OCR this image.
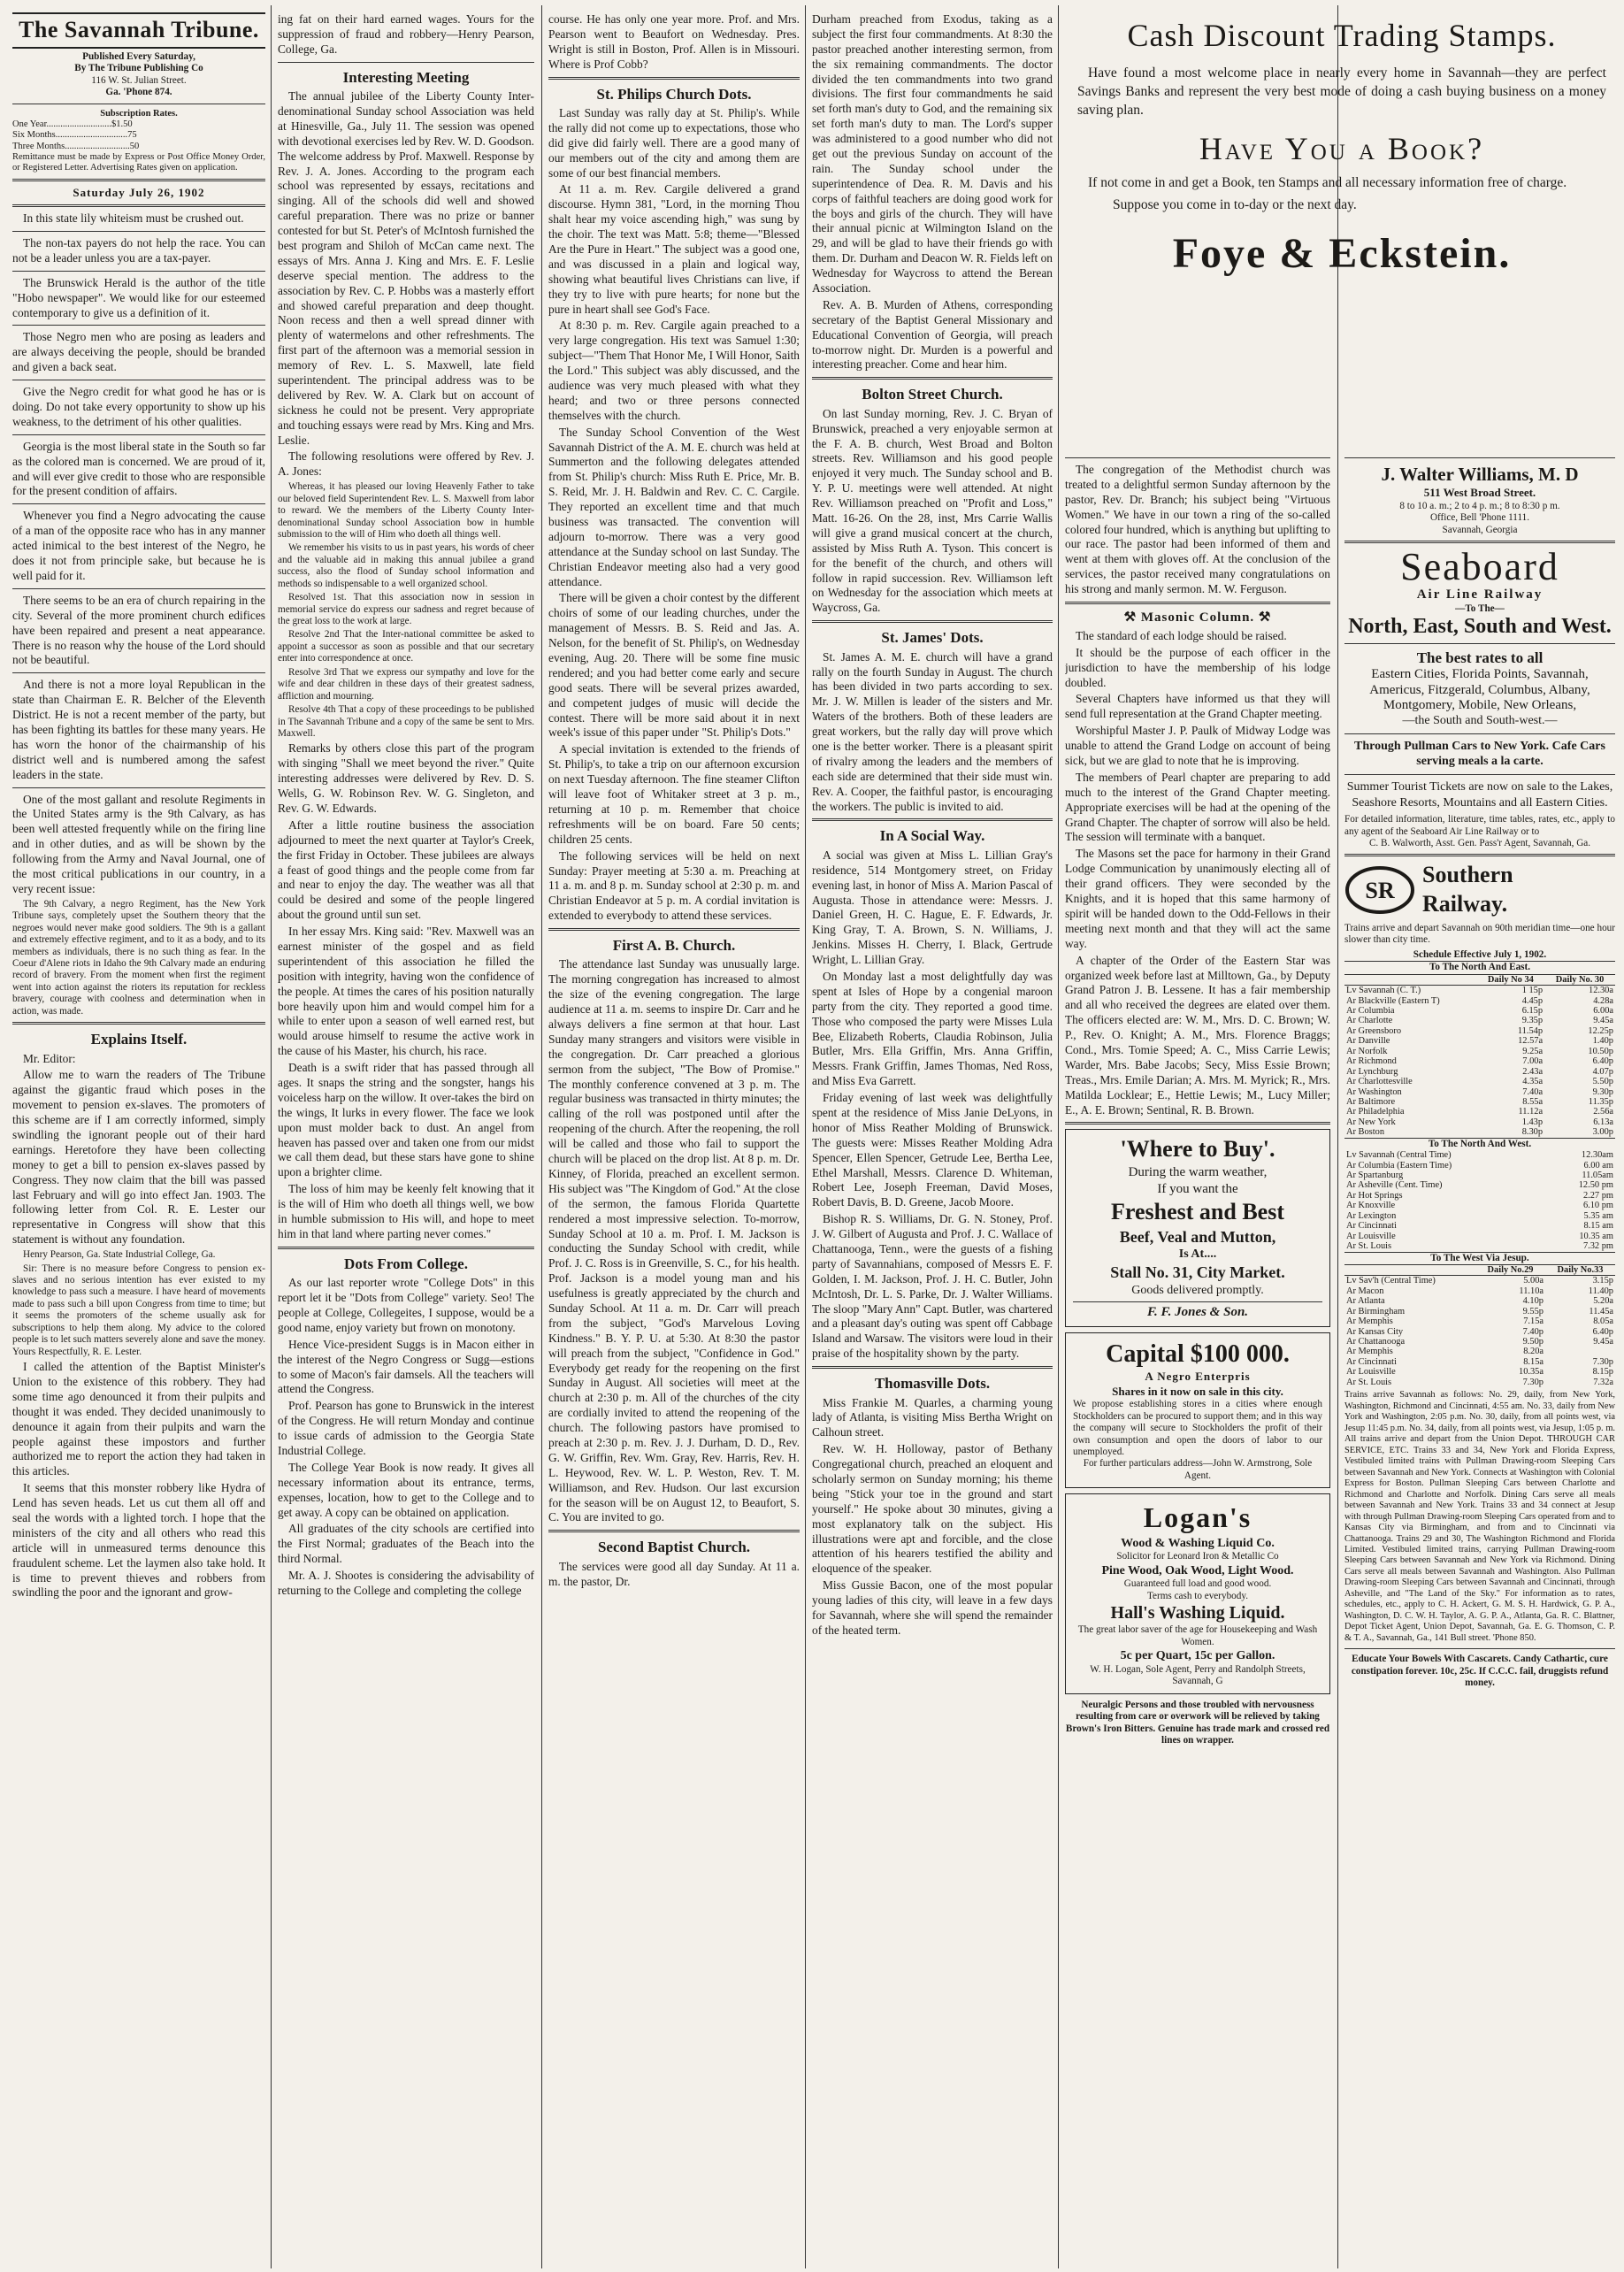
The Savannah Tribune.
Published Every Saturday,
By The Tribune Publishing Co
116 W. St. Julian Street.
Ga. 'Phone 874.
Subscription Rates.
One Year............................$1.50
Six Months...............................75
Three Months............................50
Remittance must be made by Express or Post Office Money Order, or Registered Letter. Advertising Rates given on application.
Saturday July 26, 1902

In this state lily whiteism must be crushed out.

The non-tax payers do not help the race. You can not be a leader unless you are a tax-payer.

The Brunswick Herald is the author of the title "Hobo newspaper". We would like for our esteemed contemporary to give us a definition of it.

Those Negro men who are posing as leaders and are always deceiving the people, should be branded and given a back seat.

Give the Negro credit for what good he has or is doing. Do not take every opportunity to show up his weakness, to the detriment of his other qualities.

Georgia is the most liberal state in the South so far as the colored man is concerned. We are proud of it, and will ever give credit to those who are responsible for the present condition of affairs.

Whenever you find a Negro advocating the cause of a man of the opposite race who has in any manner acted inimical to the best interest of the Negro, he does it not from principle sake, but because he is well paid for it.

There seems to be an era of church repairing in the city. Several of the more prominent church edifices have been repaired and present a neat appearance. There is no reason why the house of the Lord should not be beautiful.

And there is not a more loyal Republican in the state than Chairman E. R. Belcher of the Eleventh District. He is not a recent member of the party, but has been fighting its battles for these many years. He has worn the honor of the chairmanship of his district well and is numbered among the safest leaders in the state.

One of the most gallant and resolute Regiments in the United States army is the 9th Calvary, as has been well attested frequently while on the firing line and in other duties, and as will be shown by the following from the Army and Naval Journal, one of the most critical publications in our country, in a very recent issue:

The 9th Calvary, a negro Regiment, has the New York Tribune says, completely upset the Southern theory that the negroes would never make good soldiers. The 9th is a gallant and extremely effective regiment, and to it as a body, and to its members as individuals, there is no such thing as fear. In the Coeur d'Alene riots in Idaho the 9th Calvary made an enduring record of bravery. From the moment when first the regiment went into action against the rioters its reputation for reckless bravery, courage with coolness and determination when in action, was made.

Explains Itself.

Mr. Editor:

Allow me to warn the readers of The Tribune against the gigantic fraud which poses in the movement to pension ex-slaves. The promoters of this scheme are if I am correctly informed, simply swindling the ignorant people out of their hard earnings. Heretofore they have been collecting money to get a bill to pension ex-slaves passed by Congress. They now claim that the bill was passed last February and will go into effect Jan. 1903. The following letter from Col. R. E. Lester our representative in Congress will show that this statement is without any foundation.

Henry Pearson, Ga. State Industrial College, Ga.

Sir: There is no measure before Congress to pension ex-slaves and no serious intention has ever existed to my knowledge to pass such a measure. I have heard of movements made to pass such a bill upon Congress from time to time; but it seems the promoters of the scheme usually ask for subscriptions to help them along. My advice to the colored people is to let such matters severely alone and save the money. Yours Respectfully, R. E. Lester.

I called the attention of the Baptist Minister's Union to the existence of this robbery. They had some time ago denounced it from their pulpits and thought it was ended. They decided unanimously to denounce it again from their pulpits and warn the people against these impostors and further authorized me to report the action they had taken in this articles.

It seems that this monster robbery like Hydra of Lend has seven heads. Let us cut them all off and seal the words with a lighted torch. I hope that the ministers of the city and all others who read this article will in unmeasured terms denounce this fraudulent scheme. Let the laymen also take hold. It is time to prevent thieves and robbers from swindling the poor and the ignorant and grow-

ing fat on their hard earned wages. Yours for the suppression of fraud and robbery—Henry Pearson, College, Ga.

Interesting Meeting

The annual jubilee of the Liberty County Inter-denominational Sunday school Association was held at Hinesville, Ga., July 11. The session was opened with devotional exercises led by Rev. W. D. Goodson. The welcome address by Prof. Maxwell. Response by Rev. J. A. Jones. According to the program each school was represented by essays, recitations and singing. All of the schools did well and showed careful preparation. There was no prize or banner contested for but St. Peter's of McIntosh furnished the best program and Shiloh of McCan came next. The essays of Mrs. Anna J. King and Mrs. E. F. Leslie deserve special mention. The address to the association by Rev. C. P. Hobbs was a masterly effort and showed careful preparation and deep thought. Noon recess and then a well spread dinner with plenty of watermelons and other refreshments. The first part of the afternoon was a memorial session in memory of Rev. L. S. Maxwell, late field superintendent. The principal address was to be delivered by Rev. W. A. Clark but on account of sickness he could not be present. Very appropriate and touching essays were read by Mrs. King and Mrs. Leslie.

The following resolutions were offered by Rev. J. A. Jones:

Whereas, it has pleased our loving Heavenly Father to take our beloved field Superintendent Rev. L. S. Maxwell from labor to reward. We the members of the Liberty County Inter-denominational Sunday school Association bow in humble submission to the will of Him who doeth all things well.

We remember his visits to us in past years, his words of cheer and the valuable aid in making this annual jubilee a grand success, also the flood of Sunday school information and methods so indispensable to a well organized school.

Resolved 1st. That this association now in session in memorial service do express our sadness and regret because of the great loss to the work at large.

Resolve 2nd That the Inter-national committee be asked to appoint a successor as soon as possible and that our secretary enter into correspondence at once.

Resolve 3rd That we express our sympathy and love for the wife and dear children in these days of their greatest sadness, affliction and mourning.

Resolve 4th That a copy of these proceedings to be published in The Savannah Tribune and a copy of the same be sent to Mrs. Maxwell.

Remarks by others close this part of the program with singing "Shall we meet beyond the river." Quite interesting addresses were delivered by Rev. D. S. Wells, G. W. Robinson Rev. W. G. Singleton, and Rev. G. W. Edwards.

After a little routine business the association adjourned to meet the next quarter at Taylor's Creek, the first Friday in October. These jubilees are always a feast of good things and the people come from far and near to enjoy the day. The weather was all that could be desired and some of the people lingered about the ground until sun set.

In her essay Mrs. King said: "Rev. Maxwell was an earnest minister of the gospel and as field superintendent of this association he filled the position with integrity, having won the confidence of the people. At times the cares of his position naturally bore heavily upon him and would compel him for a while to enter upon a season of well earned rest, but would arouse himself to resume the active work in the cause of his Master, his church, his race.

Death is a swift rider that has passed through all ages. It snaps the string and the songster, hangs his voiceless harp on the willow. It over-takes the bird on the wings, It lurks in every flower. The face we look upon must molder back to dust. An angel from heaven has passed over and taken one from our midst we call them dead, but these stars have gone to shine upon a brighter clime.

The loss of him may be keenly felt knowing that it is the will of Him who doeth all things well, we bow in humble submission to His will, and hope to meet him in that land where parting never comes."

Dots From College.

As our last reporter wrote "College Dots" in this report let it be "Dots from College" variety. Seo! The people at College, Collegeites, I suppose, would be a good name, enjoy variety but frown on monotony.

Hence Vice-president Suggs is in Macon either in the interest of the Negro Congress or Sugg—estions to some of Macon's fair damsels. All the teachers will attend the Congress.

Prof. Pearson has gone to Brunswick in the interest of the Congress. He will return Monday and continue to issue cards of admission to the Georgia State Industrial College.

The College Year Book is now ready. It gives all necessary information about its entrance, terms, expenses, location, how to get to the College and to get away. A copy can be obtained on application.

All graduates of the city schools are certified into the First Normal; graduates of the Beach into the third Normal.

Mr. A. J. Shootes is considering the advisability of returning to the College and completing the college

course. He has only one year more. Prof. and Mrs. Pearson went to Beaufort on Wednesday. Pres. Wright is still in Boston, Prof. Allen is in Missouri. Where is Prof Cobb?

St. Philips Church Dots.

Last Sunday was rally day at St. Philip's. While the rally did not come up to expectations, those who did give did fairly well. There are a good many of our members out of the city and among them are some of our best financial members.

At 11 a. m. Rev. Cargile delivered a grand discourse. Hymn 381, "Lord, in the morning Thou shalt hear my voice ascending high," was sung by the choir. The text was Matt. 5:8; theme—"Blessed Are the Pure in Heart." The subject was a good one, and was discussed in a plain and logical way, showing what beautiful lives Christians can live, if they try to live with pure hearts; for none but the pure in heart shall see God's Face.

At 8:30 p. m. Rev. Cargile again preached to a very large congregation. His text was Samuel 1:30; subject—"Them That Honor Me, I Will Honor, Saith the Lord." This subject was ably discussed, and the audience was very much pleased with what they heard; and two or three persons connected themselves with the church.

The Sunday School Convention of the West Savannah District of the A. M. E. church was held at Summerton and the following delegates attended from St. Philip's church: Miss Ruth E. Price, Mr. B. S. Reid, Mr. J. H. Baldwin and Rev. C. C. Cargile. They reported an excellent time and that much business was transacted. The convention will adjourn to-morrow. There was a very good attendance at the Sunday school on last Sunday. The Christian Endeavor meeting also had a very good attendance.

There will be given a choir contest by the different choirs of some of our leading churches, under the management of Messrs. B. S. Reid and Jas. A. Nelson, for the benefit of St. Philip's, on Wednesday evening, Aug. 20. There will be some fine music rendered; and you had better come early and secure good seats. There will be several prizes awarded, and competent judges of music will decide the contest. There will be more said about it in next week's issue of this paper under "St. Philip's Dots."

A special invitation is extended to the friends of St. Philip's, to take a trip on our afternoon excursion on next Tuesday afternoon. The fine steamer Clifton will leave foot of Whitaker street at 3 p. m., returning at 10 p. m. Remember that choice refreshments will be on board. Fare 50 cents; children 25 cents.

The following services will be held on next Sunday: Prayer meeting at 5:30 a. m. Preaching at 11 a. m. and 8 p. m. Sunday school at 2:30 p. m. and Christian Endeavor at 5 p. m. A cordial invitation is extended to everybody to attend these services.

First A. B. Church.

The attendance last Sunday was unusually large. The morning congregation has increased to almost the size of the evening congregation. The large audience at 11 a. m. seems to inspire Dr. Carr and he always delivers a fine sermon at that hour. Last Sunday many strangers and visitors were visible in the congregation. Dr. Carr preached a glorious sermon from the subject, "The Bow of Promise." The monthly conference convened at 3 p. m. The regular business was transacted in thirty minutes; the calling of the roll was postponed until after the reopening of the church. After the reopening, the roll will be called and those who fail to support the church will be placed on the drop list. At 8 p. m. Dr. Kinney, of Florida, preached an excellent sermon. His subject was "The Kingdom of God." At the close of the sermon, the famous Florida Quartette rendered a most impressive selection. To-morrow, Sunday School at 10 a. m. Prof. I. M. Jackson is conducting the Sunday School with credit, while Prof. J. C. Ross is in Greenville, S. C., for his health. Prof. Jackson is a model young man and his usefulness is greatly appreciated by the church and Sunday School. At 11 a. m. Dr. Carr will preach from the subject, "God's Marvelous Loving Kindness." B. Y. P. U. at 5:30. At 8:30 the pastor will preach from the subject, "Confidence in God." Everybody get ready for the reopening on the first Sunday in August. All societies will meet at the church at 2:30 p. m. All of the churches of the city are cordially invited to attend the reopening of the church. The following pastors have promised to preach at 2:30 p. m. Rev. J. J. Durham, D. D., Rev. G. W. Griffin, Rev. Wm. Gray, Rev. Harris, Rev. H. L. Heywood, Rev. W. L. P. Weston, Rev. T. M. Williamson, and Rev. Hudson. Our last excursion for the season will be on August 12, to Beaufort, S. C. You are invited to go.

Second Baptist Church.

The services were good all day Sunday. At 11 a. m. the pastor, Dr.

Durham preached from Exodus, taking as a subject the first four commandments. At 8:30 the pastor preached another interesting sermon, from the six remaining commandments. The doctor divided the ten commandments into two grand divisions. The first four commandments he said set forth man's duty to God, and the remaining six set forth man's duty to man. The Lord's supper was administered to a good number who did not get out the previous Sunday on account of the rain. The Sunday school under the superintendence of Dea. R. M. Davis and his corps of faithful teachers are doing good work for the boys and girls of the church. They will have their annual picnic at Wilmington Island on the 29, and will be glad to have their friends go with them. Dr. Durham and Deacon W. R. Fields left on Wednesday for Waycross to attend the Berean Association.

Rev. A. B. Murden of Athens, corresponding secretary of the Baptist General Missionary and Educational Convention of Georgia, will preach to-morrow night. Dr. Murden is a powerful and interesting preacher. Come and hear him.

Bolton Street Church.

On last Sunday morning, Rev. J. C. Bryan of Brunswick, preached a very enjoyable sermon at the F. A. B. church, West Broad and Bolton streets. Rev. Williamson and his good people enjoyed it very much. The Sunday school and B. Y. P. U. meetings were well attended. At night Rev. Williamson preached on "Profit and Loss," Matt. 16-26. On the 28, inst, Mrs Carrie Wallis will give a grand musical concert at the church, assisted by Miss Ruth A. Tyson. This concert is for the benefit of the church, and others will follow in rapid succession. Rev. Williamson left on Wednesday for the association which meets at Waycross, Ga.

St. James' Dots.

St. James A. M. E. church will have a grand rally on the fourth Sunday in August. The church has been divided in two parts according to sex. Mr. J. W. Millen is leader of the sisters and Mr. Waters of the brothers. Both of these leaders are great workers, but the rally day will prove which one is the better worker. There is a pleasant spirit of rivalry among the leaders and the members of each side are determined that their side must win. Rev. A. Cooper, the faithful pastor, is encouraging the workers. The public is invited to aid.

In A Social Way.

A social was given at Miss L. Lillian Gray's residence, 514 Montgomery street, on Friday evening last, in honor of Miss A. Marion Pascal of Augusta. Those in attendance were: Messrs. J. Daniel Green, H. C. Hague, E. F. Edwards, Jr. King Gray, T. A. Brown, S. N. Williams, J. Jenkins. Misses H. Cherry, I. Black, Gertrude Wright, L. Lillian Gray.

On Monday last a most delightfully day was spent at Isles of Hope by a congenial maroon party from the city. They reported a good time. Those who composed the party were Misses Lula Bee, Elizabeth Roberts, Claudia Robinson, Julia Butler, Mrs. Ella Griffin, Mrs. Anna Griffin, Messrs. Frank Griffin, James Thomas, Ned Ross, and Miss Eva Garrett.

Friday evening of last week was delightfully spent at the residence of Miss Janie DeLyons, in honor of Miss Reather Molding of Brunswick. The guests were: Misses Reather Molding Adra Spencer, Ellen Spencer, Getrude Lee, Bertha Lee, Ethel Marshall, Messrs. Clarence D. Whiteman, Robert Lee, Joseph Freeman, David Moses, Robert Davis, B. D. Greene, Jacob Moore.

Bishop R. S. Williams, Dr. G. N. Stoney, Prof. J. W. Gilbert of Augusta and Prof. J. C. Wallace of Chattanooga, Tenn., were the guests of a fishing party of Savannahians, composed of Messrs E. F. Golden, I. M. Jackson, Prof. J. H. C. Butler, John McIntosh, Dr. L. S. Parke, Dr. J. Walter Williams. The sloop "Mary Ann" Capt. Butler, was chartered and a pleasant day's outing was spent off Cabbage Island and Warsaw. The visitors were loud in their praise of the hospitality shown by the party.

Thomasville Dots.

Miss Frankie M. Quarles, a charming young lady of Atlanta, is visiting Miss Bertha Wright on Calhoun street.

Rev. W. H. Holloway, pastor of Bethany Congregational church, preached an eloquent and scholarly sermon on Sunday morning; his theme being "Stick your toe in the ground and start yourself." He spoke about 30 minutes, giving a most explanatory talk on the subject. His illustrations were apt and forcible, and the close attention of his hearers testified the ability and eloquence of the speaker.

Miss Gussie Bacon, one of the most popular young ladies of this city, will leave in a few days for Savannah, where she will spend the remainder of the heated term.

Cash Discount Trading Stamps.

Have found a most welcome place in nearly every home in Savannah—they are perfect Savings Banks and represent the very best mode of doing a cash buying business on a money saving plan.

Have You a Book?

If not come in and get a Book, ten Stamps and all necessary information free of charge.

Suppose you come in to-day or the next day.

Foye & Eckstein.

The congregation of the Methodist church was treated to a delightful sermon Sunday afternoon by the pastor, Rev. Dr. Branch; his subject being "Virtuous Women." We have in our town a ring of the so-called colored four hundred, which is anything but uplifting to our race. The pastor had been informed of them and went at them with gloves off. At the conclusion of the services, the pastor received many congratulations on his strong and manly sermon. M. W. Ferguson.

⚒ Masonic Column. ⚒

The standard of each lodge should be raised.

It should be the purpose of each officer in the jurisdiction to have the membership of his lodge doubled.

Several Chapters have informed us that they will send full representation at the Grand Chapter meeting.

Worshipful Master J. P. Paulk of Midway Lodge was unable to attend the Grand Lodge on account of being sick, but we are glad to note that he is improving.

The members of Pearl chapter are preparing to add much to the interest of the Grand Chapter meeting. Appropriate exercises will be had at the opening of the Grand Chapter. The chapter of sorrow will also be held. The session will terminate with a banquet.

The Masons set the pace for harmony in their Grand Lodge Communication by unanimously electing all of their grand officers. They were seconded by the Knights, and it is hoped that this same harmony of spirit will be handed down to the Odd-Fellows in their meeting next month and that they will act the same way.

A chapter of the Order of the Eastern Star was organized week before last at Milltown, Ga., by Deputy Grand Patron J. B. Lessene. It has a fair membership and all who received the degrees are elated over them. The officers elected are: W. M., Mrs. D. C. Brown; W. P., Rev. O. Knight; A. M., Mrs. Florence Braggs; Cond., Mrs. Tomie Speed; A. C., Miss Carrie Lewis; Warder, Mrs. Babe Jacobs; Secy, Miss Essie Brown; Treas., Mrs. Emile Darian; A. Mrs. M. Myrick; R., Mrs. Matilda Locklear; E., Hettie Lewis; M., Lucy Miller; E., A. E. Brown; Sentinal, R. B. Brown.

'Where to Buy'.
During the warm weather,
If you want the
Freshest and Best
Beef, Veal and Mutton,
Is At....
Stall No. 31, City Market.
Goods delivered promptly.
F. F. Jones & Son.
Capital $100 000.
A Negro Enterpris
Shares in it now on sale in this city.
We propose establishing stores in a cities where enough Stockholders can be procured to support them; and in this way the company will secure to Stockholders the profit of their own consumption and open the doors of labor to our unemployed.
For further particulars address—John W. Armstrong, Sole Agent.
Logan's
Wood & Washing Liquid Co.
Solicitor for Leonard Iron & Metallic Co
Pine Wood, Oak Wood, Light Wood.
Guaranteed full load and good wood.
Terms cash to everybody.
Hall's Washing Liquid.
The great labor saver of the age for Housekeeping and Wash Women.
5c per Quart, 15c per Gallon.
W. H. Logan, Sole Agent, Perry and Randolph Streets, Savannah, G
Neuralgic Persons and those troubled with nervousness resulting from care or overwork will be relieved by taking Brown's Iron Bitters. Genuine has trade mark and crossed red lines on wrapper.
J. Walter Williams, M. D
511 West Broad Street.
8 to 10 a. m.; 2 to 4 p. m.; 8 to 8:30 p m.
Office, Bell 'Phone 1111.
Savannah, Georgia
Seaboard
Air Line Railway
—To The—
North, East, South and West.
The best rates to all
Eastern Cities, Florida Points, Savannah, Americus, Fitzgerald, Columbus, Albany, Montgomery, Mobile, New Orleans,
—the South and South-west.—
Through Pullman Cars to New York. Cafe Cars serving meals a la carte.
Summer Tourist Tickets are now on sale to the Lakes, Seashore Resorts, Mountains and all Eastern Cities.
For detailed information, literature, time tables, rates, etc., apply to any agent of the Seaboard Air Line Railway or to
C. B. Walworth, Asst. Gen. Pass'r Agent, Savannah, Ga.
SR
Southern
Railway.
Trains arrive and depart Savannah on 90th meridian time—one hour slower than city time.
Schedule Effective July 1, 1902.
To The North And East.
	Daily No 34	Daily No. 30
Lv Savannah (C. T.)	1 15p	12.30a
Ar Blackville (Eastern T)	4.45p	4.28a
Ar Columbia	6.15p	6.00a
Ar Charlotte	9.35p	9.45a
Ar Greensboro	11.54p	12.25p
Ar Danville	12.57a	1.40p
Ar Norfolk	9.25a	10.50p
Ar Richmond	7.00a	6.40p
Ar Lynchburg	2.43a	4.07p
Ar Charlottesville	4.35a	5.50p
Ar Washington	7.40a	9.30p
Ar Baltimore	8.55a	11.35p
Ar Philadelphia	11.12a	2.56a
Ar New York	1.43p	6.13a
Ar Boston	8.30p	3.00p
To The North And West.
Lv Savannah (Central Time)	12.30am
Ar Columbia (Eastern Time)	6.00 am
Ar Spartanburg	11.05am
Ar Asheville (Cent. Time)	12.50 pm
Ar Hot Springs	2.27 pm
Ar Knoxville	6.10 pm
Ar Lexington	5.35 am
Ar Cincinnati	8.15 am
Ar Louisville	10.35 am
Ar St. Louis	7.32 pm
To The West Via Jesup.
	Daily No.29	Daily No.33
Lv Sav'h (Central Time)	5.00a	3.15p
Ar Macon	11.10a	11.40p
Ar Atlanta	4.10p	5.20a
Ar Birmingham	9.55p	11.45a
Ar Memphis	7.15a	8.05a
Ar Kansas City	7.40p	6.40p
Ar Chattanooga	9.50p	9.45a
Ar Memphis	8.20a	
Ar Cincinnati	8.15a	7.30p
Ar Louisville	10.35a	8.15p
Ar St. Louis	7.30p	7.32a
Trains arrive Savannah as follows: No. 29, daily, from New York, Washington, Richmond and Cincinnati, 4:55 am. No. 33, daily from New York and Washington, 2:05 p.m. No. 30, daily, from all points west, via Jesup 11:45 p.m. No. 34, daily, from all points west, via Jesup, 1:05 p. m. All trains arrive and depart from the Union Depot. THROUGH CAR SERVICE, ETC. Trains 33 and 34, New York and Florida Express, Vestibuled limited trains with Pullman Drawing-room Sleeping Cars between Savannah and New York. Connects at Washington with Colonial Express for Boston. Pullman Sleeping Cars between Charlotte and Richmond and Charlotte and Norfolk. Dining Cars serve all meals between Savannah and New York. Trains 33 and 34 connect at Jesup with through Pullman Drawing-room Sleeping Cars operated from and to Kansas City via Birmingham, and from and to Cincinnati via Chattanooga. Trains 29 and 30, The Washington Richmond and Florida Limited. Vestibuled limited trains, carrying Pullman Drawing-room Sleeping Cars between Savannah and New York via Richmond. Dining Cars serve all meals between Savannah and Washington. Also Pullman Drawing-room Sleeping Cars between Savannah and Cincinnati, through Asheville, and "The Land of the Sky." For information as to rates, schedules, etc., apply to C. H. Ackert, G. M. S. H. Hardwick, G. P. A., Washington, D. C. W. H. Taylor, A. G. P. A., Atlanta, Ga. R. C. Blattner, Depot Ticket Agent, Union Depot, Savannah, Ga. E. G. Thomson, C. P. & T. A., Savannah, Ga., 141 Bull street. 'Phone 850.
Educate Your Bowels With Cascarets. Candy Cathartic, cure constipation forever. 10c, 25c. If C.C.C. fail, druggists refund money.
